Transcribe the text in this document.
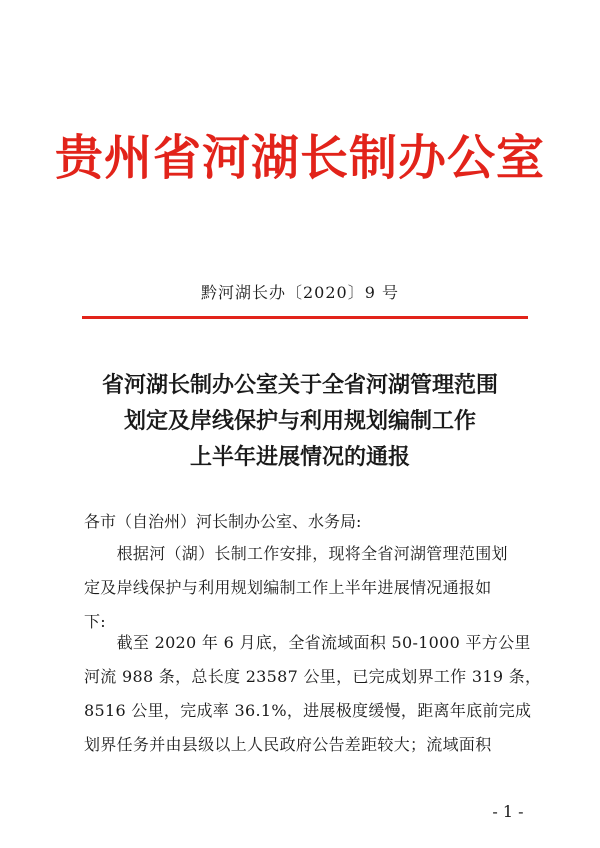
贵州省河湖长制办公室
黔河湖长办〔2020〕9 号
省河湖长制办公室关于全省河湖管理范围
划定及岸线保护与利用规划编制工作
上半年进展情况的通报
各市（自治州）河长制办公室、水务局:
　　根据河（湖）长制工作安排，现将全省河湖管理范围划
定及岸线保护与利用规划编制工作上半年进展情况通报如
下:
　　截至 2020 年 6 月底，全省流域面积 50-1000 平方公里
河流 988 条，总长度 23587 公里，已完成划界工作 319 条，
8516 公里，完成率 36.1%，进展极度缓慢，距离年底前完成
划界任务并由县级以上人民政府公告差距较大；流域面积
- 1 -
